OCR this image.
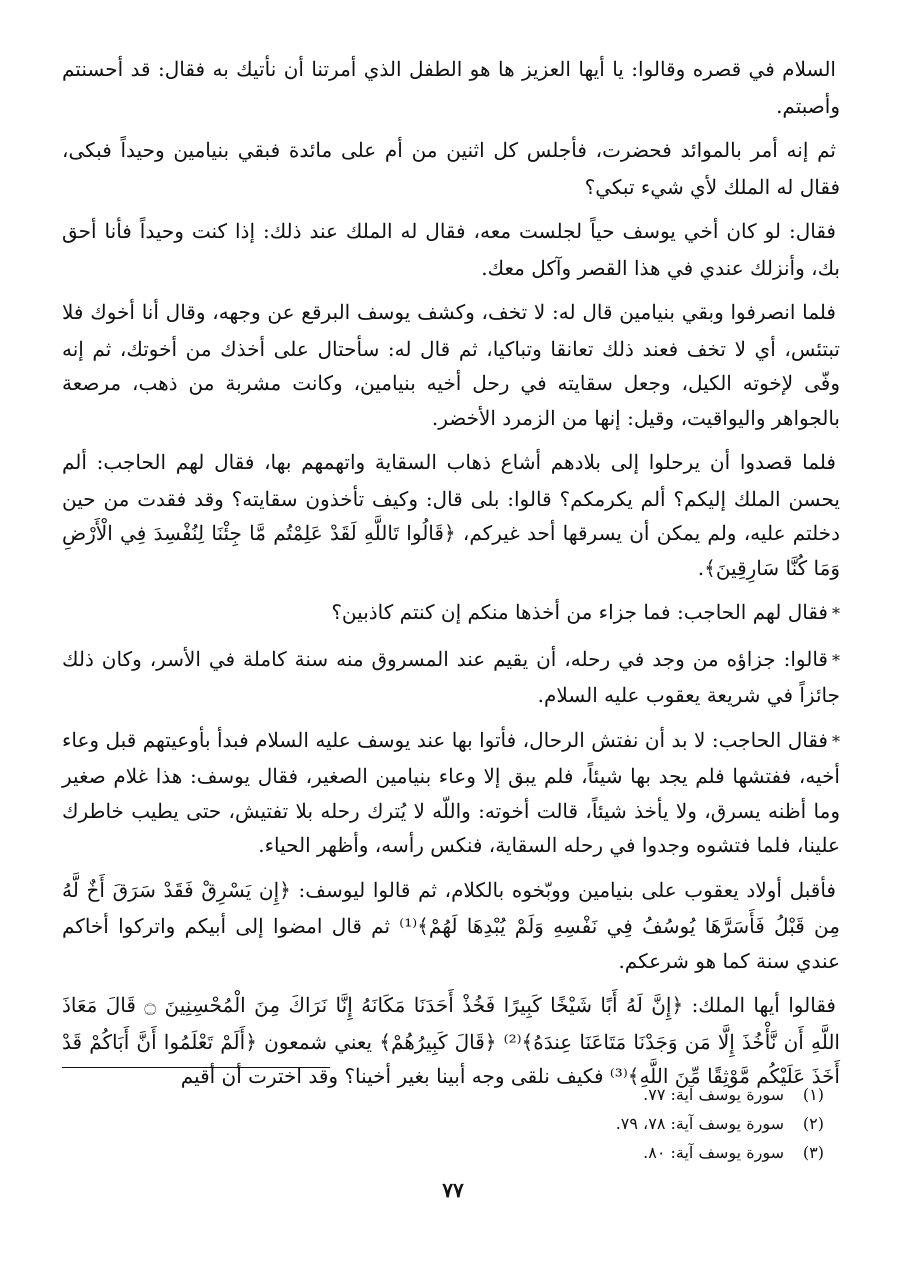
السلام في قصره وقالوا: يا أيها العزيز ها هو الطفل الذي أمرتنا أن نأتيك به فقال: قد أحسنتم وأصبتم.

ثم إنه أمر بالموائد فحضرت، فأجلس كل اثنين من أم على مائدة فبقي بنيامين وحيداً فبكى، فقال له الملك لأي شيء تبكي؟

فقال: لو كان أخي يوسف حياً لجلست معه، فقال له الملك عند ذلك: إذا كنت وحيداً فأنا أحق بك، وأنزلك عندي في هذا القصر وآكل معك.

فلما انصرفوا وبقي بنيامين قال له: لا تخف، وكشف يوسف البرقع عن وجهه، وقال أنا أخوك فلا تبتئس، أي لا تخف فعند ذلك تعانقا وتباكيا، ثم قال له: سأحتال على أخذك من أخوتك، ثم إنه وفّى لإخوته الكيل، وجعل سقايته في رحل أخيه بنيامين، وكانت مشربة من ذهب، مرصعة بالجواهر واليواقيت، وقيل: إنها من الزمرد الأخضر.

فلما قصدوا أن يرحلوا إلى بلادهم أشاع ذهاب السقاية واتهمهم بها، فقال لهم الحاجب: ألم يحسن الملك إليكم؟ ألم يكرمكم؟ قالوا: بلى قال: وكيف تأخذون سقايته؟ وقد فقدت من حين دخلتم عليه، ولم يمكن أن يسرقها أحد غيركم، ﴿قَالُوا تَاللَّهِ لَقَدْ عَلِمْتُم مَّا جِئْنَا لِنُفْسِدَ فِي الْأَرْضِ وَمَا كُنَّا سَارِقِينَ﴾.

*فقال لهم الحاجب: فما جزاء من أخذها منكم إن كنتم كاذبين؟

*قالوا: جزاؤه من وجد في رحله، أن يقيم عند المسروق منه سنة كاملة في الأسر، وكان ذلك جائزاً في شريعة يعقوب عليه السلام.

*فقال الحاجب: لا بد أن نفتش الرحال، فأتوا بها عند يوسف عليه السلام فبدأ بأوعيتهم قبل وعاء أخيه، ففتشها فلم يجد بها شيئاً، فلم يبق إلا وعاء بنيامين الصغير، فقال يوسف: هذا غلام صغير وما أظنه يسرق، ولا يأخذ شيئاً، قالت أخوته: واللّه لا يُترك رحله بلا تفتيش، حتى يطيب خاطرك علينا، فلما فتشوه وجدوا في رحله السقاية، فنكس رأسه، وأظهر الحياء.

فأقبل أولاد يعقوب على بنيامين ووبّخوه بالكلام، ثم قالوا ليوسف: ﴿إِن يَسْرِقْ فَقَدْ سَرَقَ أَخٌ لَّهُ مِن قَبْلُ فَأَسَرَّهَا يُوسُفُ فِي نَفْسِهِ وَلَمْ يُبْدِهَا لَهُمْ﴾⁽¹⁾ ثم قال امضوا إلى أبيكم واتركوا أخاكم عندي سنة كما هو شرعكم.

فقالوا أيها الملك: ﴿إِنَّ لَهُ أَبًا شَيْخًا كَبِيرًا فَخُذْ أَحَدَنَا مَكَانَهُ إِنَّا نَرَاكَ مِنَ الْمُحْسِنِينَ ۝ قَالَ مَعَاذَ اللَّهِ أَن نَّأْخُذَ إِلَّا مَن وَجَدْنَا مَتَاعَنَا عِندَهُ﴾⁽²⁾ ﴿قَالَ كَبِيرُهُمْ﴾ يعني شمعون ﴿أَلَمْ تَعْلَمُوا أَنَّ أَبَاكُمْ قَدْ أَخَذَ عَلَيْكُم مَّوْثِقًا مِّنَ اللَّهِ﴾⁽³⁾ فكيف نلقى وجه أبينا بغير أخينا؟ وقد اخترت أن أقيم

(١)
سورة يوسف آية: ٧٧.
(٢)
سورة يوسف آية: ٧٨، ٧٩.
(٣)
سورة يوسف آية: ٨٠.
٧٧
